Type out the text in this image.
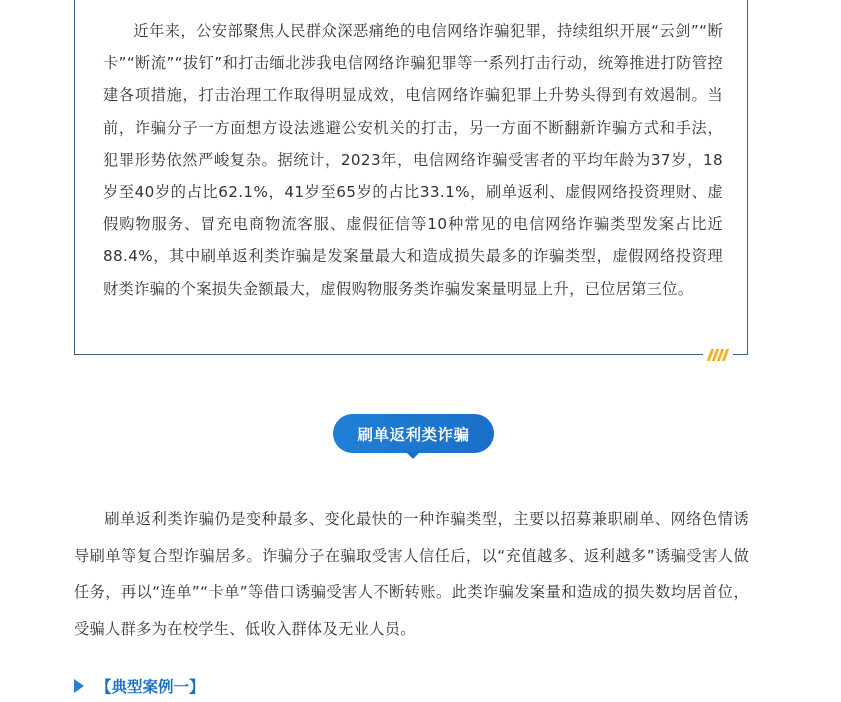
近年来，公安部聚焦人民群众深恶痛绝的电信网络诈骗犯罪，持续组织开展“云剑”“断卡”“断流”“拔钉”和打击缅北涉我电信网络诈骗犯罪等一系列打击行动，统筹推进打防管控建各项措施，打击治理工作取得明显成效，电信网络诈骗犯罪上升势头得到有效遏制。当前，诈骗分子一方面想方设法逃避公安机关的打击，另一方面不断翻新诈骗方式和手法，犯罪形势依然严峻复杂。据统计，2023年，电信网络诈骗受害者的平均年龄为37岁，18岁至40岁的占比62.1%，41岁至65岁的占比33.1%，刷单返利、虚假网络投资理财、虚假购物服务、冒充电商物流客服、虚假征信等10种常见的电信网络诈骗类型发案占比近88.4%，其中刷单返利类诈骗是发案量最大和造成损失最多的诈骗类型，虚假网络投资理财类诈骗的个案损失金额最大，虚假购物服务类诈骗发案量明显上升，已位居第三位。

刷单返利类诈骗

刷单返利类诈骗仍是变种最多、变化最快的一种诈骗类型，主要以招募兼职刷单、网络色情诱导刷单等复合型诈骗居多。诈骗分子在骗取受害人信任后，以“充值越多、返利越多”诱骗受害人做任务，再以“连单”“卡单”等借口诱骗受害人不断转账。此类诈骗发案量和造成的损失数均居首位，受骗人群多为在校学生、低收入群体及无业人员。

【典型案例一】
